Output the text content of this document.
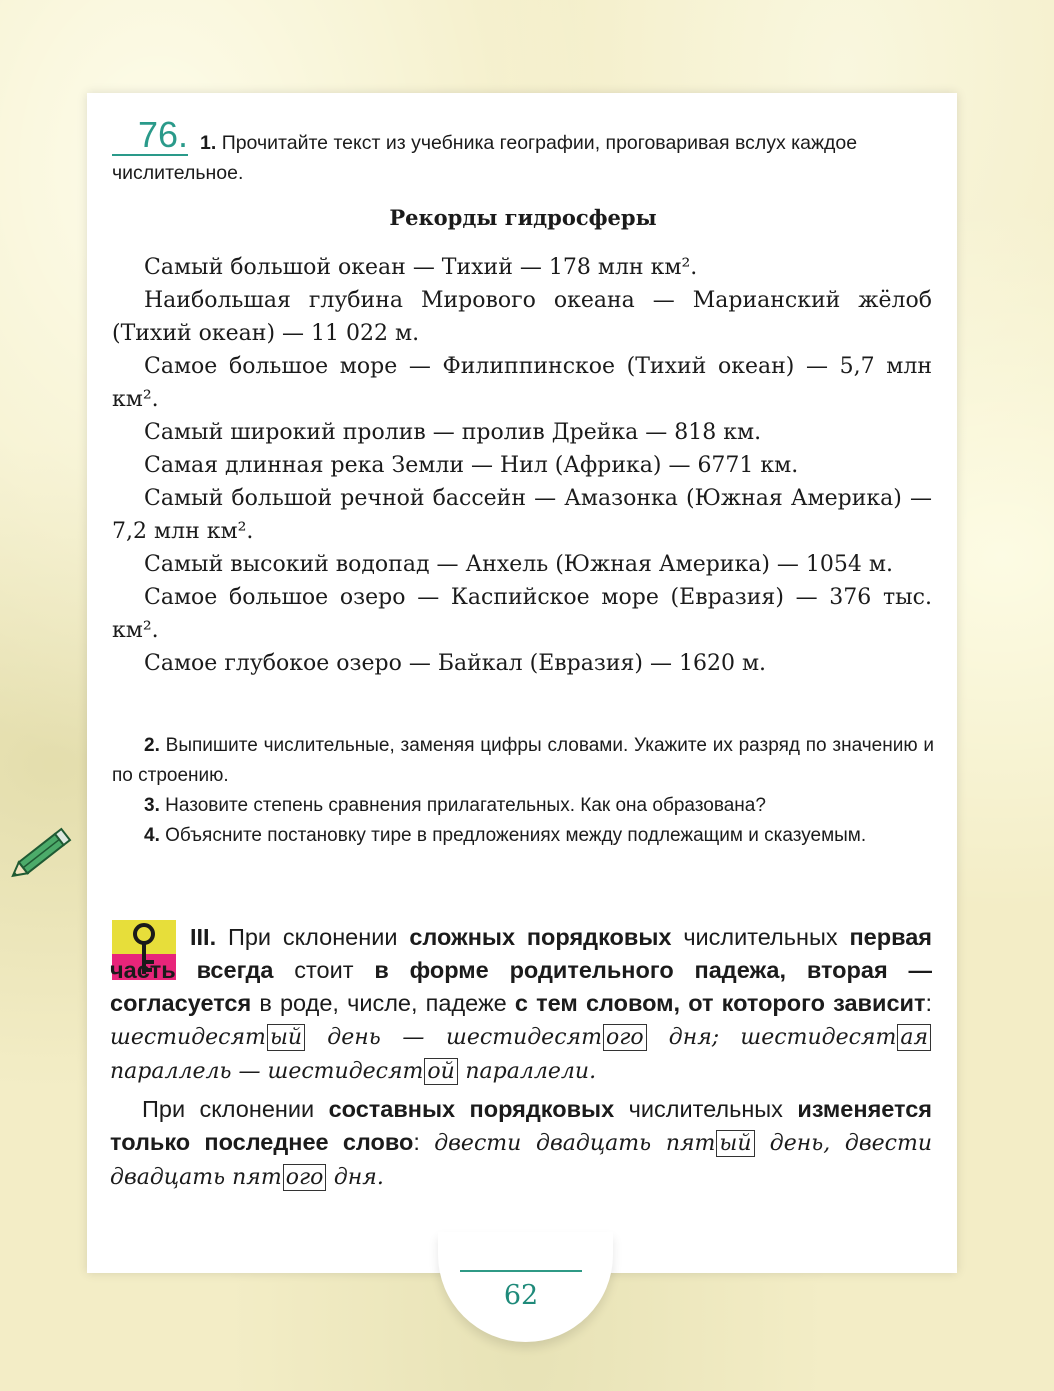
62
76. 1. Прочитайте текст из учебника географии, проговаривая вслух каждое числительное.

Рекорды гидросферы

Самый большой океан — Тихий — 178 млн км².

Наибольшая глубина Мирового океана — Марианский жёлоб (Тихий океан) — 11 022 м.

Самое большое море — Филиппинское (Тихий океан) — 5,7 млн км².

Самый широкий пролив — пролив Дрейка — 818 км.

Самая длинная река Земли — Нил (Африка) — 6771 км.

Самый большой речной бассейн — Амазонка (Южная Америка) — 7,2 млн км².

Самый высокий водопад — Анхель (Южная Америка) — 1054 м.

Самое большое озеро — Каспийское море (Евразия) — 376 тыс. км².

Самое глубокое озеро — Байкал (Евразия) — 1620 м.

2. Выпишите числительные, заменяя цифры словами. Укажите их разряд по значению и по строению.

3. Назовите степень сравнения прилагательных. Как она образована?

4. Объясните постановку тире в предложениях между подлежащим и сказуемым.

III. При склонении сложных порядковых числительных первая часть всегда стоит в форме родительного падежа, вторая — согласуется в роде, числе, падеже с тем словом, от которого зависит: шестидесят ый день — шестидесят ого дня; шестидесят ая параллель — шестидесят ой параллели.

При склонении составных порядковых числительных изменяется только последнее слово: двести двадцать пят ый день, двести двадцать пят ого дня.
